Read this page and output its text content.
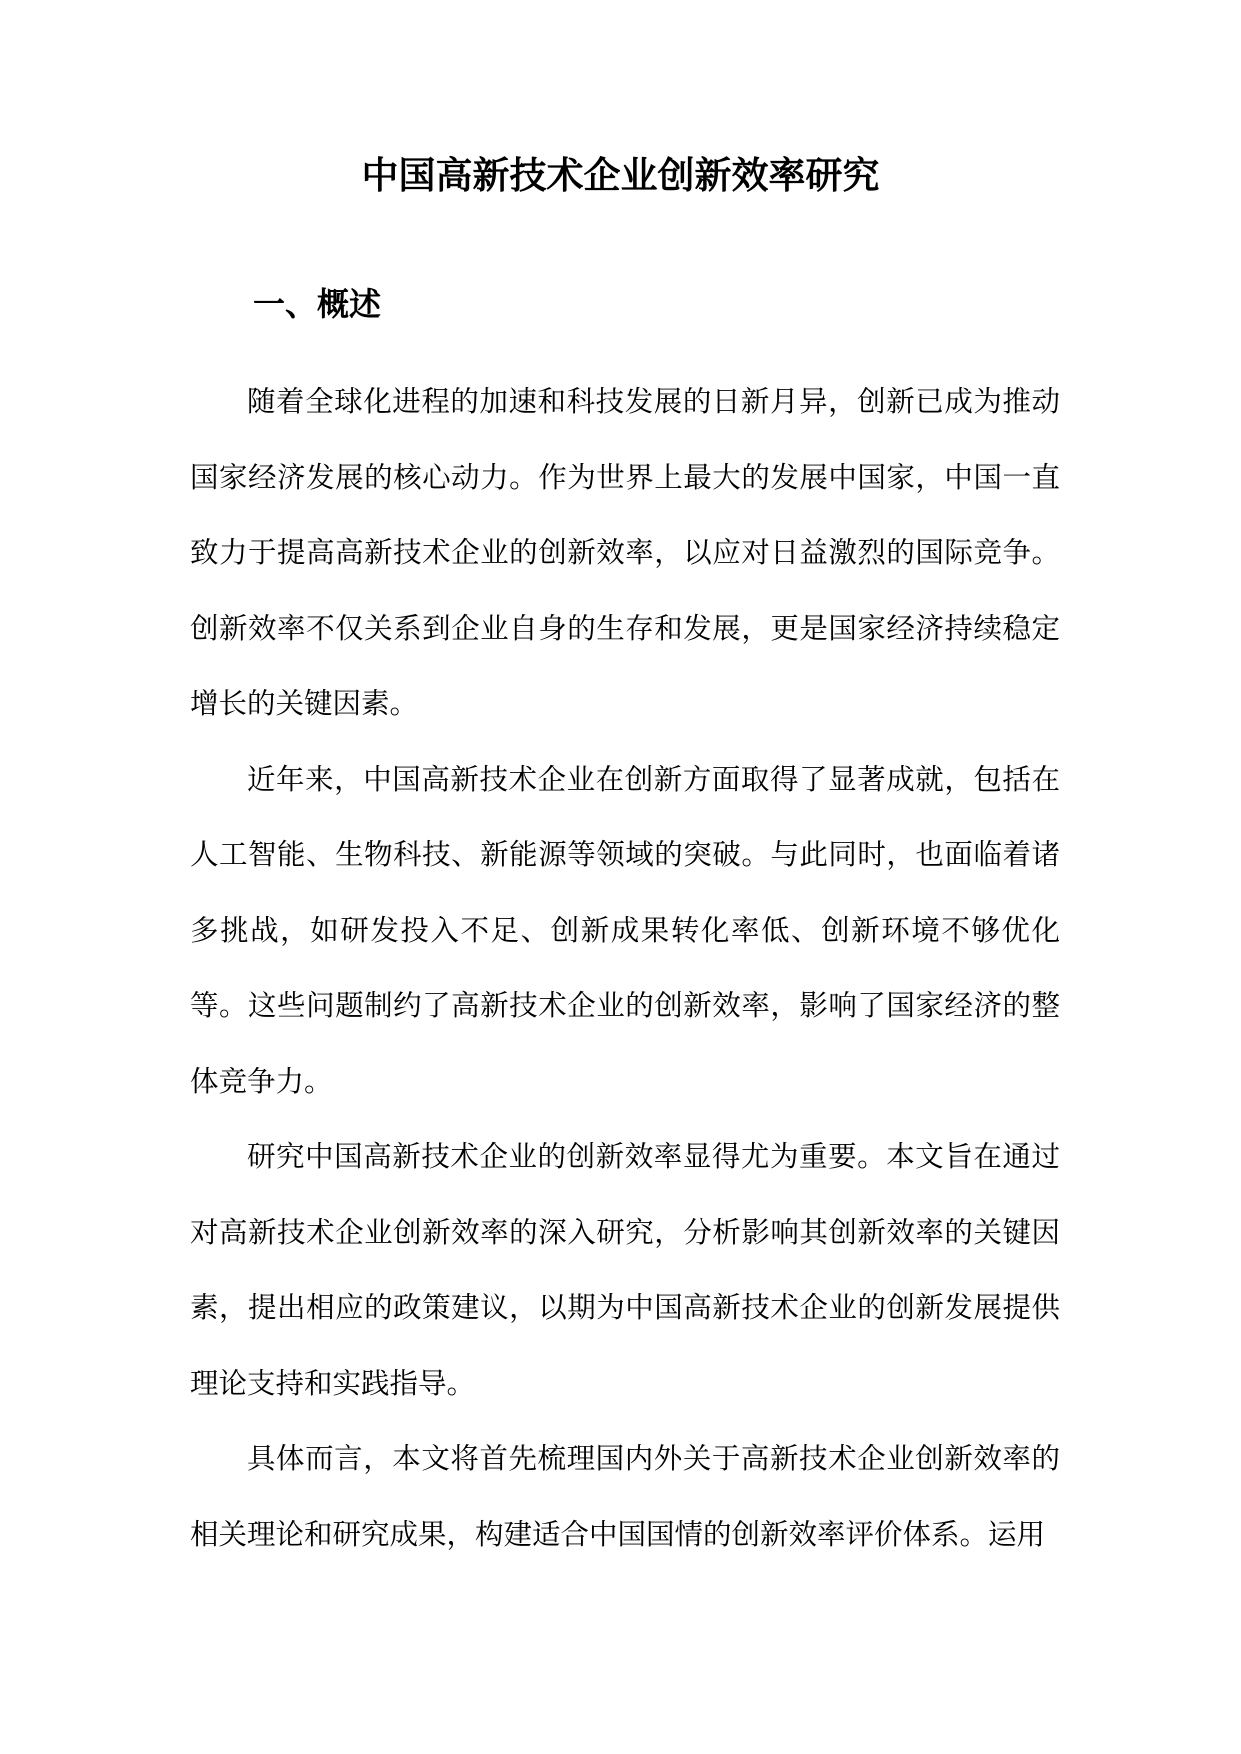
中国高新技术企业创新效率研究
一、概述

随着全球化进程的加速和科技发展的日新月异，创新已成为推动国家经济发展的核心动力。作为世界上最大的发展中国家，中国一直致力于提高高新技术企业的创新效率，以应对日益激烈的国际竞争。创新效率不仅关系到企业自身的生存和发展，更是国家经济持续稳定增长的关键因素。

近年来，中国高新技术企业在创新方面取得了显著成就，包括在人工智能、生物科技、新能源等领域的突破。与此同时，也面临着诸多挑战，如研发投入不足、创新成果转化率低、创新环境不够优化等。这些问题制约了高新技术企业的创新效率，影响了国家经济的整体竞争力。

研究中国高新技术企业的创新效率显得尤为重要。本文旨在通过对高新技术企业创新效率的深入研究，分析影响其创新效率的关键因素，提出相应的政策建议，以期为中国高新技术企业的创新发展提供理论支持和实践指导。

具体而言，本文将首先梳理国内外关于高新技术企业创新效率的相关理论和研究成果，构建适合中国国情的创新效率评价体系。运用
